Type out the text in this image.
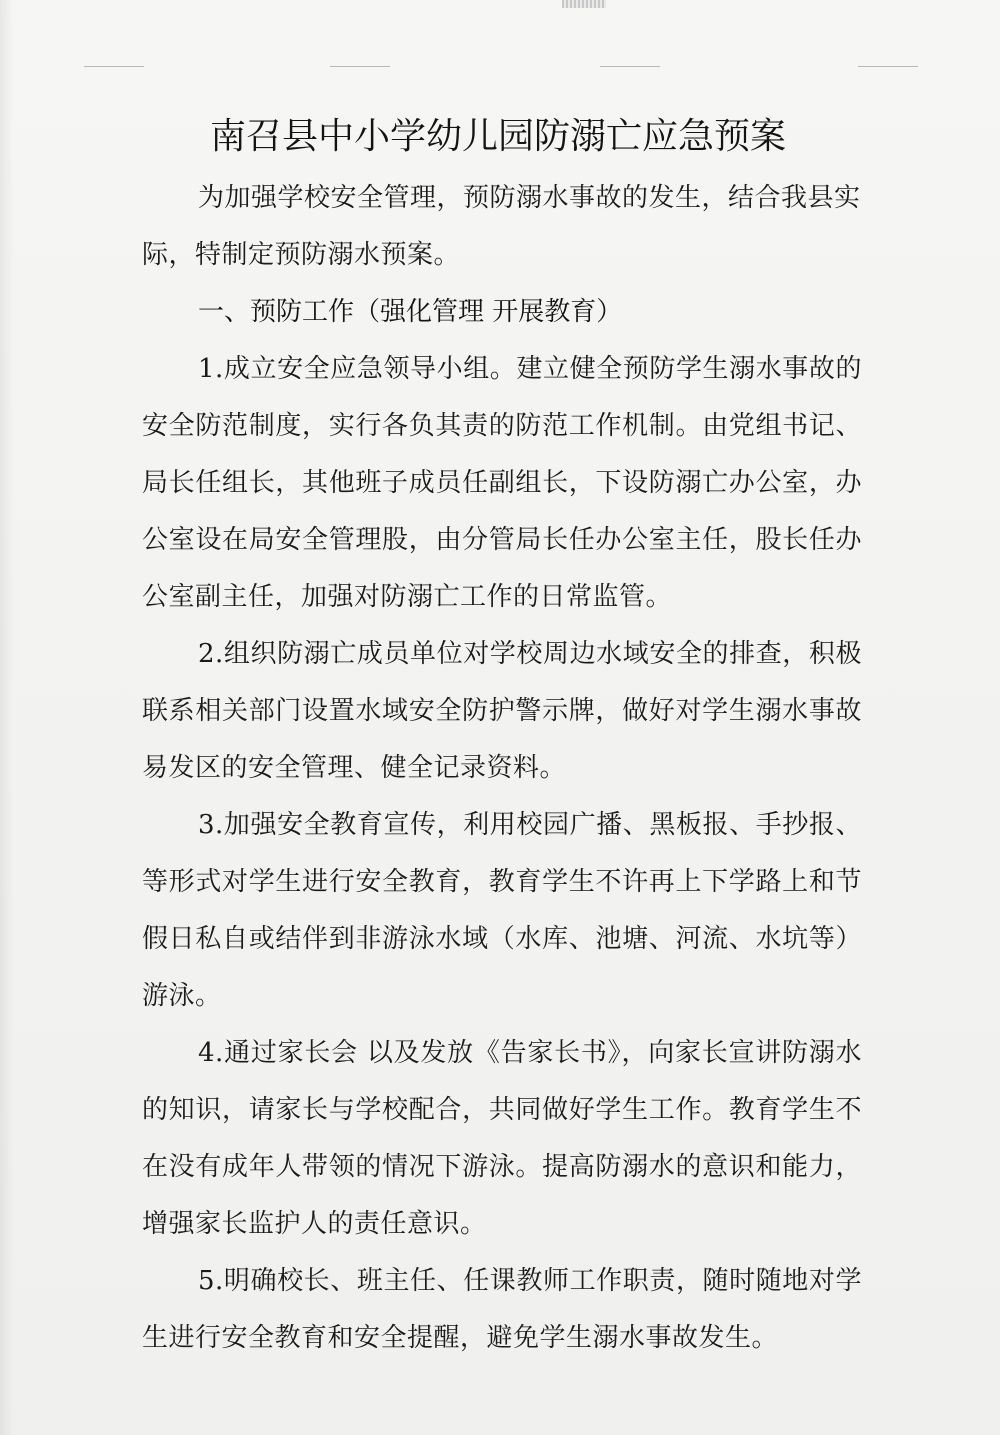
南召县中小学幼儿园防溺亡应急预案

为加强学校安全管理，预防溺水事故的发生，结合我县实际，特制定预防溺水预案。

一、预防工作（强化管理 开展教育）

1.成立安全应急领导小组。建立健全预防学生溺水事故的安全防范制度，实行各负其责的防范工作机制。由党组书记、局长任组长，其他班子成员任副组长，下设防溺亡办公室，办公室设在局安全管理股，由分管局长任办公室主任，股长任办公室副主任，加强对防溺亡工作的日常监管。

2.组织防溺亡成员单位对学校周边水域安全的排查，积极联系相关部门设置水域安全防护警示牌，做好对学生溺水事故易发区的安全管理、健全记录资料。

3.加强安全教育宣传，利用校园广播、黑板报、手抄报、等形式对学生进行安全教育，教育学生不许再上下学路上和节假日私自或结伴到非游泳水域（水库、池塘、河流、水坑等）游泳。

4.通过家长会 以及发放《告家长书》，向家长宣讲防溺水的知识，请家长与学校配合，共同做好学生工作。教育学生不在没有成年人带领的情况下游泳。提高防溺水的意识和能力，增强家长监护人的责任意识。

5.明确校长、班主任、任课教师工作职责，随时随地对学生进行安全教育和安全提醒，避免学生溺水事故发生。
